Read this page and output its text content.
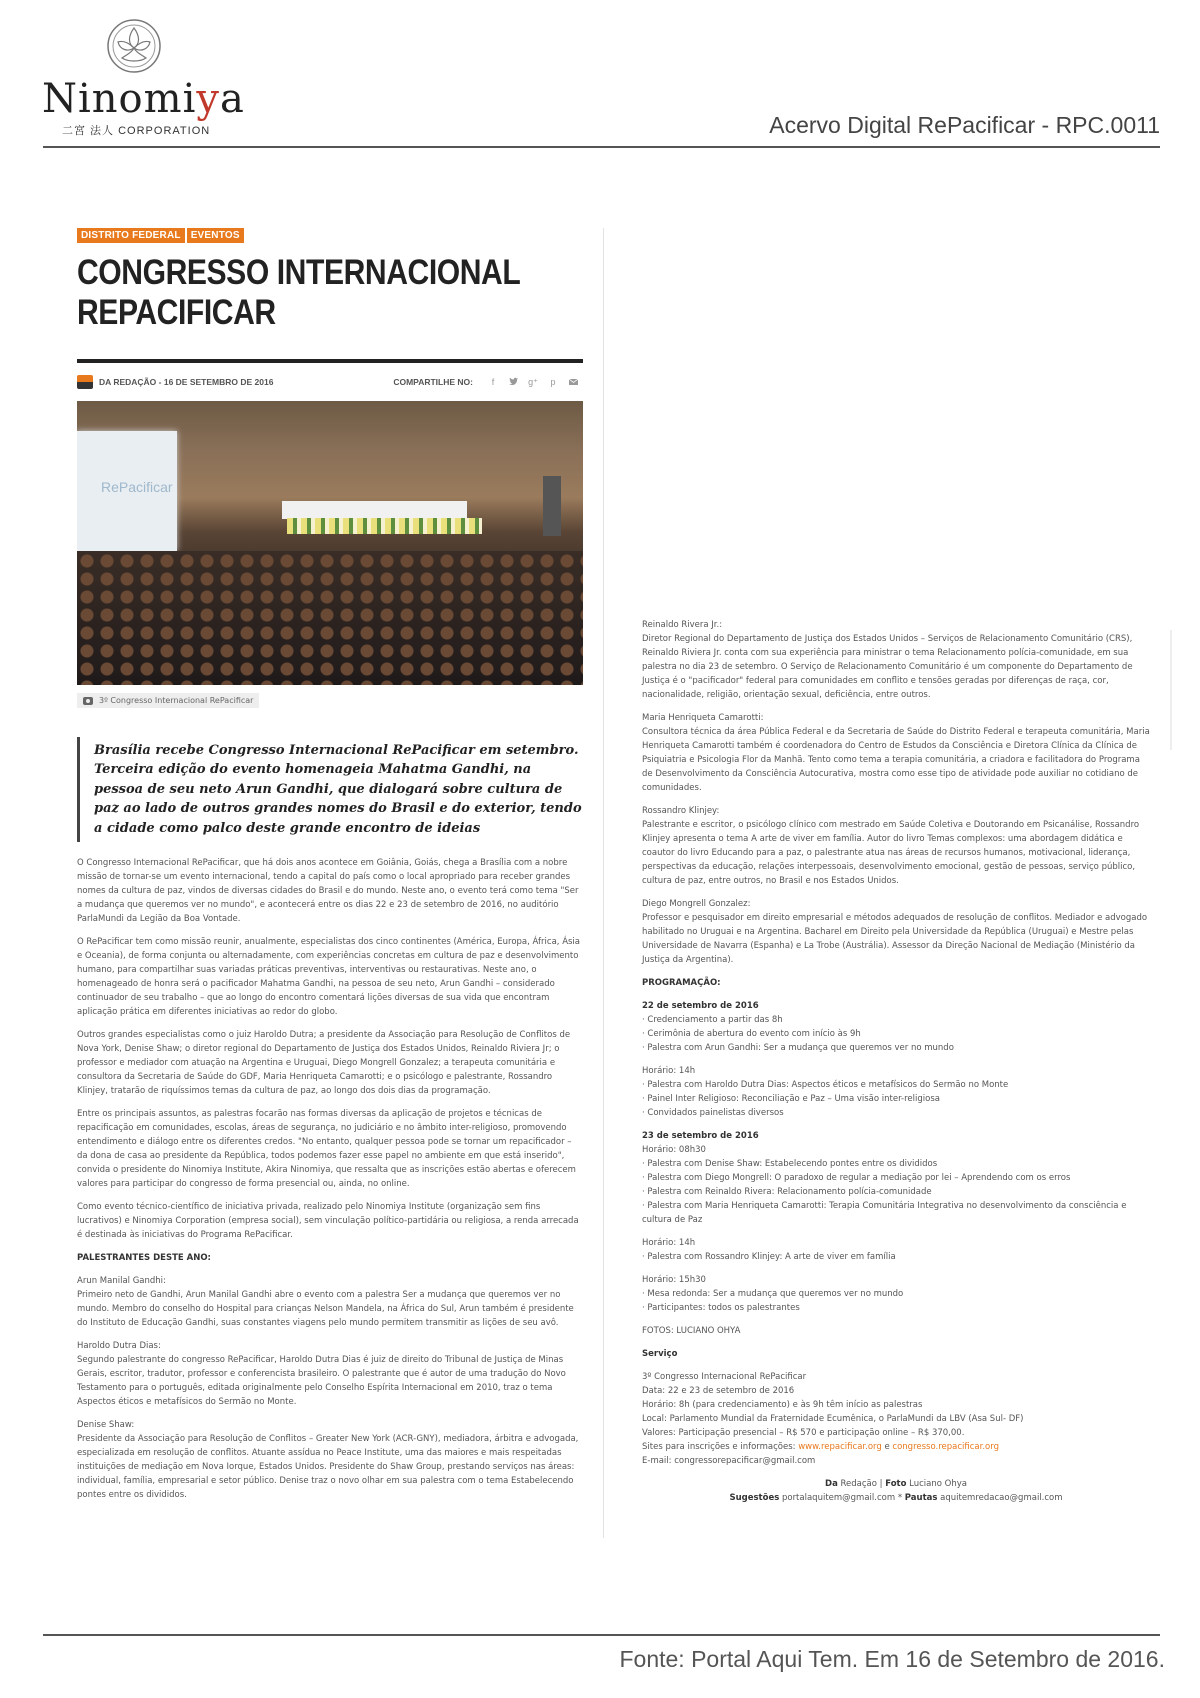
Ninomiya
二宮 法人 CORPORATION	Acervo Digital RePacificar - RPC.0011
DISTRITO FEDERAL	EVENTOS
CONGRESSO INTERNACIONAL
REPACIFICAR
DA REDAÇÃO - 16 DE SETEMBRO DE 2016	COMPARTILHE NO:	f	g⁺	p
RePacificar
3º Congresso Internacional RePacificar
Brasília recebe Congresso Internacional RePacificar em setembro. Terceira edição do evento homenageia Mahatma Gandhi, na pessoa de seu neto Arun Gandhi, que dialogará sobre cultura de paz ao lado de outros grandes nomes do Brasil e do exterior, tendo a cidade como palco deste grande encontro de ideias

O Congresso Internacional RePacificar, que há dois anos acontece em Goiânia, Goiás, chega a Brasília com a nobre missão de tornar-se um evento internacional, tendo a capital do país como o local apropriado para receber grandes nomes da cultura de paz, vindos de diversas cidades do Brasil e do mundo. Neste ano, o evento terá como tema "Ser a mudança que queremos ver no mundo", e acontecerá entre os dias 22 e 23 de setembro de 2016, no auditório ParlaMundi da Legião da Boa Vontade.

O RePacificar tem como missão reunir, anualmente, especialistas dos cinco continentes (América, Europa, África, Ásia e Oceania), de forma conjunta ou alternadamente, com experiências concretas em cultura de paz e desenvolvimento humano, para compartilhar suas variadas práticas preventivas, interventivas ou restaurativas. Neste ano, o homenageado de honra será o pacificador Mahatma Gandhi, na pessoa de seu neto, Arun Gandhi – considerado continuador de seu trabalho – que ao longo do encontro comentará lições diversas de sua vida que encontram aplicação prática em diferentes iniciativas ao redor do globo.

Outros grandes especialistas como o juiz Haroldo Dutra; a presidente da Associação para Resolução de Conflitos de Nova York, Denise Shaw; o diretor regional do Departamento de Justiça dos Estados Unidos, Reinaldo Riviera Jr; o professor e mediador com atuação na Argentina e Uruguai, Diego Mongrell Gonzalez; a terapeuta comunitária e consultora da Secretaria de Saúde do GDF, Maria Henriqueta Camarotti; e o psicólogo e palestrante, Rossandro Klinjey, tratarão de riquíssimos temas da cultura de paz, ao longo dos dois dias da programação.

Entre os principais assuntos, as palestras focarão nas formas diversas da aplicação de projetos e técnicas de repacificação em comunidades, escolas, áreas de segurança, no judiciário e no âmbito inter-religioso, promovendo entendimento e diálogo entre os diferentes credos. "No entanto, qualquer pessoa pode se tornar um repacificador – da dona de casa ao presidente da República, todos podemos fazer esse papel no ambiente em que está inserido", convida o presidente do Ninomiya Institute, Akira Ninomiya, que ressalta que as inscrições estão abertas e oferecem valores para participar do congresso de forma presencial ou, ainda, no online.

Como evento técnico-científico de iniciativa privada, realizado pelo Ninomiya Institute (organização sem fins lucrativos) e Ninomiya Corporation (empresa social), sem vinculação político-partidária ou religiosa, a renda arrecada é destinada às iniciativas do Programa RePacificar.

PALESTRANTES DESTE ANO:

Arun Manilal Gandhi:
Primeiro neto de Gandhi, Arun Manilal Gandhi abre o evento com a palestra Ser a mudança que queremos ver no mundo. Membro do conselho do Hospital para crianças Nelson Mandela, na África do Sul, Arun também é presidente do Instituto de Educação Gandhi, suas constantes viagens pelo mundo permitem transmitir as lições de seu avô.

Haroldo Dutra Dias:
Segundo palestrante do congresso RePacificar, Haroldo Dutra Dias é juiz de direito do Tribunal de Justiça de Minas Gerais, escritor, tradutor, professor e conferencista brasileiro. O palestrante que é autor de uma tradução do Novo Testamento para o português, editada originalmente pelo Conselho Espírita Internacional em 2010, traz o tema Aspectos éticos e metafísicos do Sermão no Monte.

Denise Shaw:
Presidente da Associação para Resolução de Conflitos – Greater New York (ACR-GNY), mediadora, árbitra e advogada, especializada em resolução de conflitos. Atuante assídua no Peace Institute, uma das maiores e mais respeitadas instituições de mediação em Nova Iorque, Estados Unidos. Presidente do Shaw Group, prestando serviços nas áreas: individual, família, empresarial e setor público. Denise traz o novo olhar em sua palestra com o tema Estabelecendo pontes entre os divididos.

Reinaldo Rivera Jr.:
Diretor Regional do Departamento de Justiça dos Estados Unidos – Serviços de Relacionamento Comunitário (CRS), Reinaldo Riviera Jr. conta com sua experiência para ministrar o tema Relacionamento polícia-comunidade, em sua palestra no dia 23 de setembro. O Serviço de Relacionamento Comunitário é um componente do Departamento de Justiça é o "pacificador" federal para comunidades em conflito e tensões geradas por diferenças de raça, cor, nacionalidade, religião, orientação sexual, deficiência, entre outros.

Maria Henriqueta Camarotti:
Consultora técnica da área Pública Federal e da Secretaria de Saúde do Distrito Federal e terapeuta comunitária, Maria Henriqueta Camarotti também é coordenadora do Centro de Estudos da Consciência e Diretora Clínica da Clínica de Psiquiatria e Psicologia Flor da Manhã. Tento como tema a terapia comunitária, a criadora e facilitadora do Programa de Desenvolvimento da Consciência Autocurativa, mostra como esse tipo de atividade pode auxiliar no cotidiano de comunidades.

Rossandro Klinjey:
Palestrante e escritor, o psicólogo clínico com mestrado em Saúde Coletiva e Doutorando em Psicanálise, Rossandro Klinjey apresenta o tema A arte de viver em família. Autor do livro Temas complexos: uma abordagem didática e coautor do livro Educando para a paz, o palestrante atua nas áreas de recursos humanos, motivacional, liderança, perspectivas da educação, relações interpessoais, desenvolvimento emocional, gestão de pessoas, serviço público, cultura de paz, entre outros, no Brasil e nos Estados Unidos.

Diego Mongrell Gonzalez:
Professor e pesquisador em direito empresarial e métodos adequados de resolução de conflitos. Mediador e advogado habilitado no Uruguai e na Argentina. Bacharel em Direito pela Universidade da República (Uruguai) e Mestre pelas Universidade de Navarra (Espanha) e La Trobe (Austrália). Assessor da Direção Nacional de Mediação (Ministério da Justiça da Argentina).

PROGRAMAÇÃO:

22 de setembro de 2016
· Credenciamento a partir das 8h
· Cerimônia de abertura do evento com início às 9h
· Palestra com Arun Gandhi: Ser a mudança que queremos ver no mundo

Horário: 14h
· Palestra com Haroldo Dutra Dias: Aspectos éticos e metafísicos do Sermão no Monte
· Painel Inter Religioso: Reconciliação e Paz – Uma visão inter-religiosa
· Convidados painelistas diversos

23 de setembro de 2016
Horário: 08h30
· Palestra com Denise Shaw: Estabelecendo pontes entre os divididos
· Palestra com Diego Mongrell: O paradoxo de regular a mediação por lei – Aprendendo com os erros
· Palestra com Reinaldo Rivera: Relacionamento polícia-comunidade
· Palestra com Maria Henriqueta Camarotti: Terapia Comunitária Integrativa no desenvolvimento da consciência e cultura de Paz

Horário: 14h
· Palestra com Rossandro Klinjey: A arte de viver em família

Horário: 15h30
· Mesa redonda: Ser a mudança que queremos ver no mundo
· Participantes: todos os palestrantes

FOTOS: LUCIANO OHYA

Serviço

3º Congresso Internacional RePacificar
Data: 22 e 23 de setembro de 2016
Horário: 8h (para credenciamento) e às 9h têm início as palestras
Local: Parlamento Mundial da Fraternidade Ecumênica, o ParlaMundi da LBV (Asa Sul- DF)
Valores: Participação presencial – R$ 570 e participação online – R$ 370,00.
Sites para inscrições e informações: www.repacificar.org e congresso.repacificar.org
E-mail: congressorepacificar@gmail.com

Da Redação | Foto Luciano Ohya
Sugestões portalaquitem@gmail.com * Pautas aquitemredacao@gmail.com

Fonte: Portal Aqui Tem. Em 16 de Setembro de 2016.
